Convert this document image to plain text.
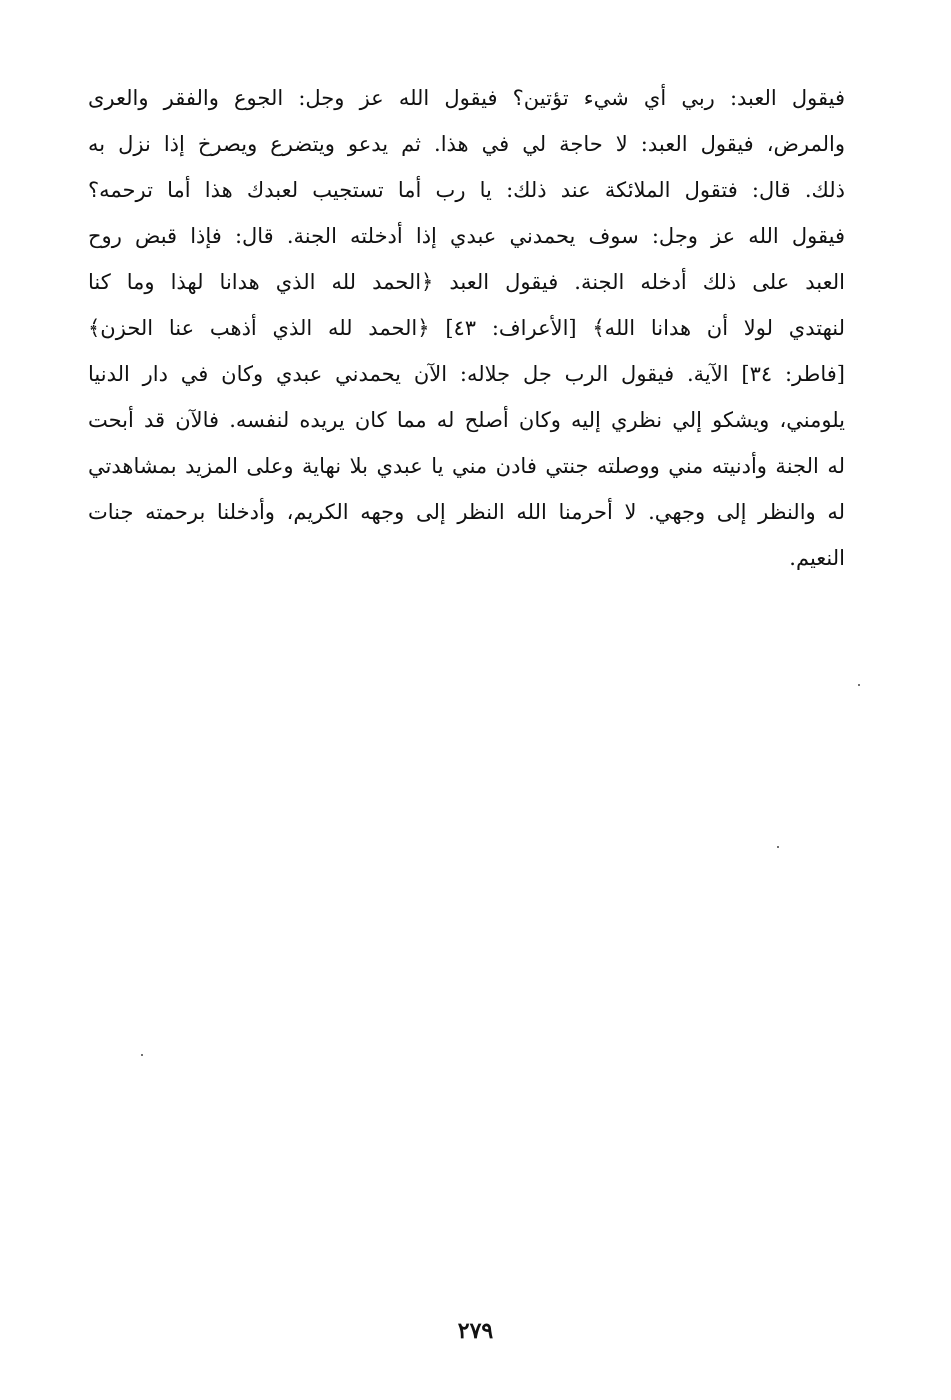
فيقول العبد: ربي أي شيء تؤتين؟ فيقول الله عز وجل: الجوع والفقر والعرى
والمرض، فيقول العبد: لا حاجة لي في هذا. ثم يدعو ويتضرع ويصرخ إذا نزل به
ذلك. قال: فتقول الملائكة عند ذلك: يا رب أما تستجيب لعبدك هذا أما ترحمه؟
فيقول الله عز وجل: سوف يحمدني عبدي إذا أدخلته الجنة. قال: فإذا قبض روح
العبد على ذلك أدخله الجنة. فيقول العبد ﴿الحمد لله الذي هدانا لهذا وما كنا
لنهتدي لولا أن هدانا الله﴾ [الأعراف: ٤٣] ﴿الحمد لله الذي أذهب عنا الحزن﴾
[فاطر: ٣٤] الآية. فيقول الرب جل جلاله: الآن يحمدني عبدي وكان في دار الدنيا
يلومني، ويشكو إلي نظري إليه وكان أصلح له مما كان يريده لنفسه. فالآن قد أبحت
له الجنة وأدنيته مني ووصلته جنتي فادن مني يا عبدي بلا نهاية وعلى المزيد بمشاهدتي
له والنظر إلى وجهي. لا أحرمنا الله النظر إلى وجهه الكريم، وأدخلنا برحمته جنات
النعيم.
٢٧٩
